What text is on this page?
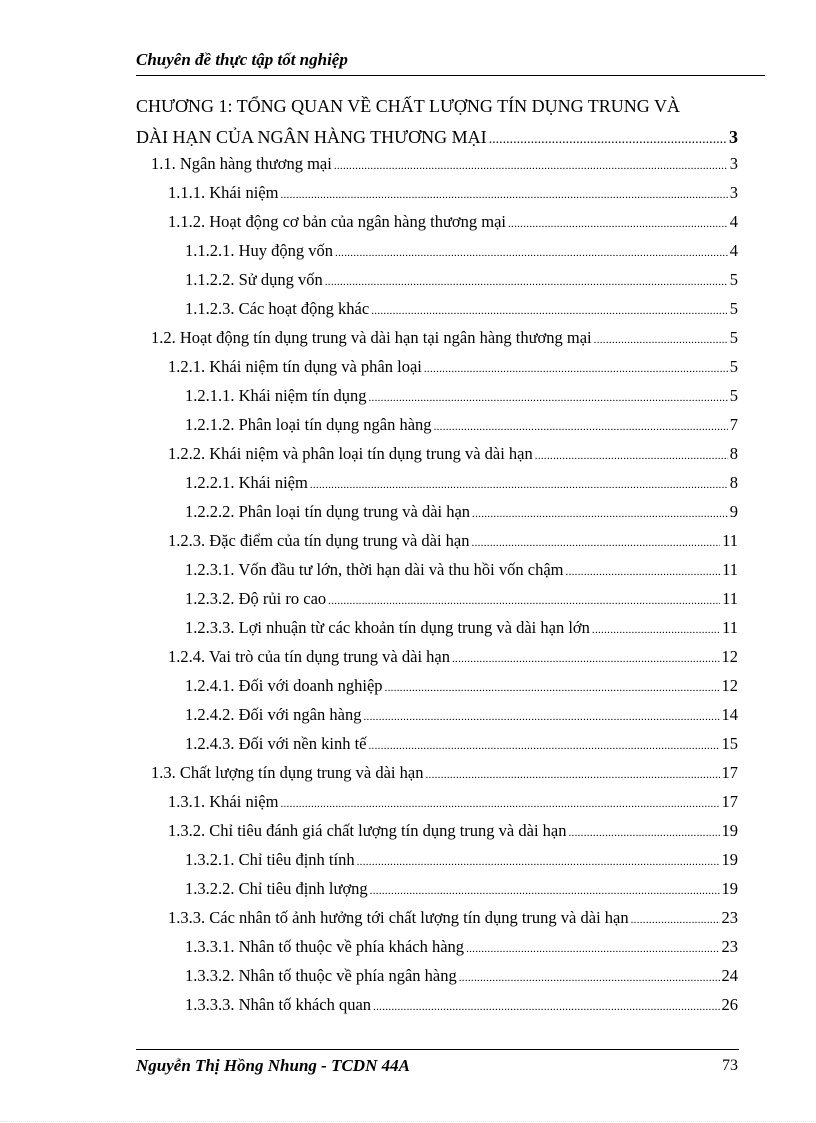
Chuyên đề thực tập tốt nghiệp
CHƯƠNG 1: TỔNG QUAN VỀ CHẤT LƯỢNG TÍN DỤNG TRUNG VÀ
DÀI HẠN CỦA NGÂN HÀNG THƯƠNG MẠI .....	3
1.1. Ngân hàng thương mại .....	3
1.1.1. Khái niệm .....	3
1.1.2. Hoạt động cơ bản của ngân hàng thương mại .....	4
1.1.2.1. Huy động vốn .....	4
1.1.2.2. Sử dụng vốn .....	5
1.1.2.3. Các hoạt động khác .....	5
1.2. Hoạt động tín dụng trung và dài hạn tại ngân hàng thương mại .....	5
1.2.1. Khái niệm tín dụng và phân loại .....	5
1.2.1.1. Khái niệm tín dụng .....	5
1.2.1.2. Phân loại tín dụng ngân hàng .....	7
1.2.2. Khái niệm và phân loại tín dụng trung và dài hạn .....	8
1.2.2.1. Khái niệm .....	8
1.2.2.2. Phân loại tín dụng trung và dài hạn .....	9
1.2.3. Đặc điểm của tín dụng trung và dài hạn .....	11
1.2.3.1. Vốn đầu tư lớn, thời hạn dài và thu hồi vốn chậm .....	11
1.2.3.2. Độ rủi ro cao .....	11
1.2.3.3. Lợi nhuận từ các khoản tín dụng trung và dài hạn lớn .....	11
1.2.4. Vai trò của tín dụng trung và dài hạn .....	12
1.2.4.1. Đối với doanh nghiệp .....	12
1.2.4.2. Đối với ngân hàng .....	14
1.2.4.3. Đối với nền kinh tế .....	15
1.3. Chất lượng tín dụng trung và dài hạn .....	17
1.3.1. Khái niệm .....	17
1.3.2. Chỉ tiêu đánh giá chất lượng tín dụng trung và dài hạn .....	19
1.3.2.1. Chỉ tiêu định tính .....	19
1.3.2.2. Chỉ tiêu định lượng .....	19
1.3.3. Các nhân tố ảnh hưởng tới chất lượng tín dụng trung và dài hạn .....	23
1.3.3.1. Nhân tố thuộc về phía khách hàng .....	23
1.3.3.2. Nhân tố thuộc về phía ngân hàng .....	24
1.3.3.3. Nhân tố khách quan .....	26
Nguyễn Thị Hồng Nhung - TCDN 44A	73
